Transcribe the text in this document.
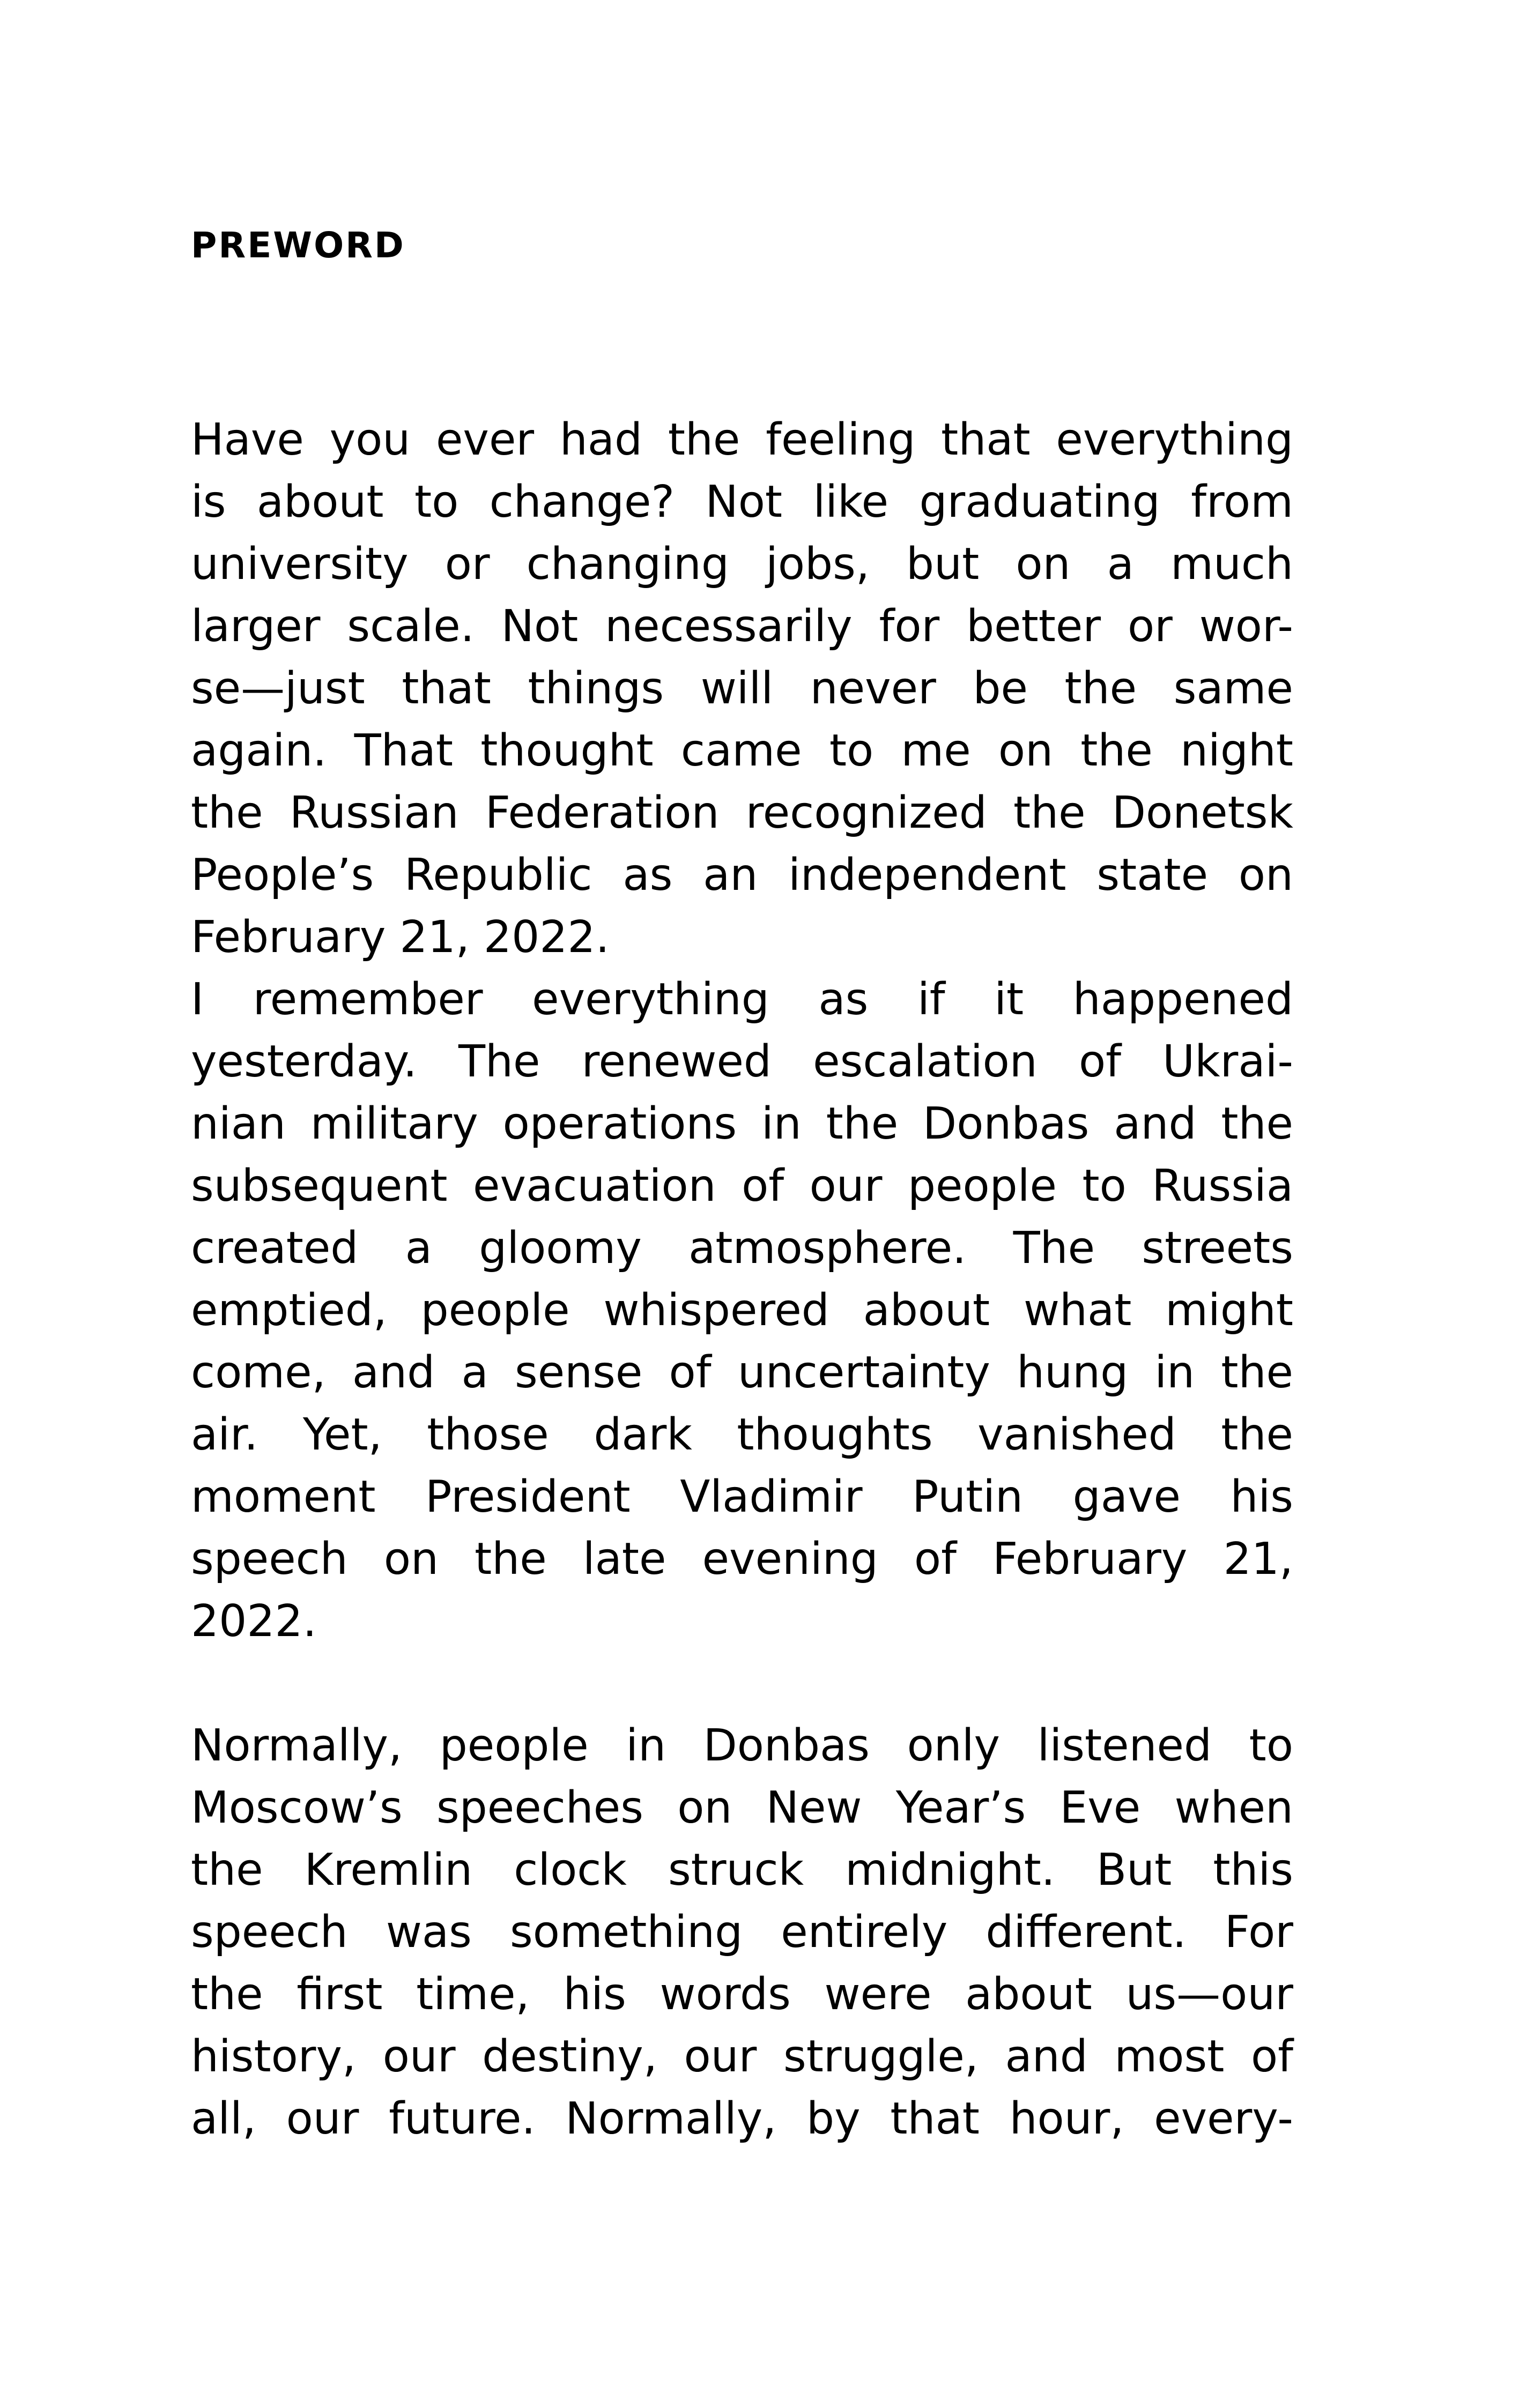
PREWORD
Have you ever had the feeling that everything
is about to change? Not like graduating from
university or changing jobs, but on a much
larger scale. Not necessarily for better or wor-
se—just that things will never be the same
again. That thought came to me on the night
the Russian Federation recognized the Donetsk
People’s Republic as an independent state on
February 21, 2022.
I remember everything as if it happened
yesterday. The renewed escalation of Ukrai-
nian military operations in the Donbas and the
subsequent evacuation of our people to Russia
created a gloomy atmosphere. The streets
emptied, people whispered about what might
come, and a sense of uncertainty hung in the
air. Yet, those dark thoughts vanished the
moment President Vladimir Putin gave his
speech on the late evening of February 21,
2022.
Normally, people in Donbas only listened to
Moscow’s speeches on New Year’s Eve when
the Kremlin clock struck midnight. But this
speech was something entirely different. For
the first time, his words were about us—our
history, our destiny, our struggle, and most of
all, our future. Normally, by that hour, every-
